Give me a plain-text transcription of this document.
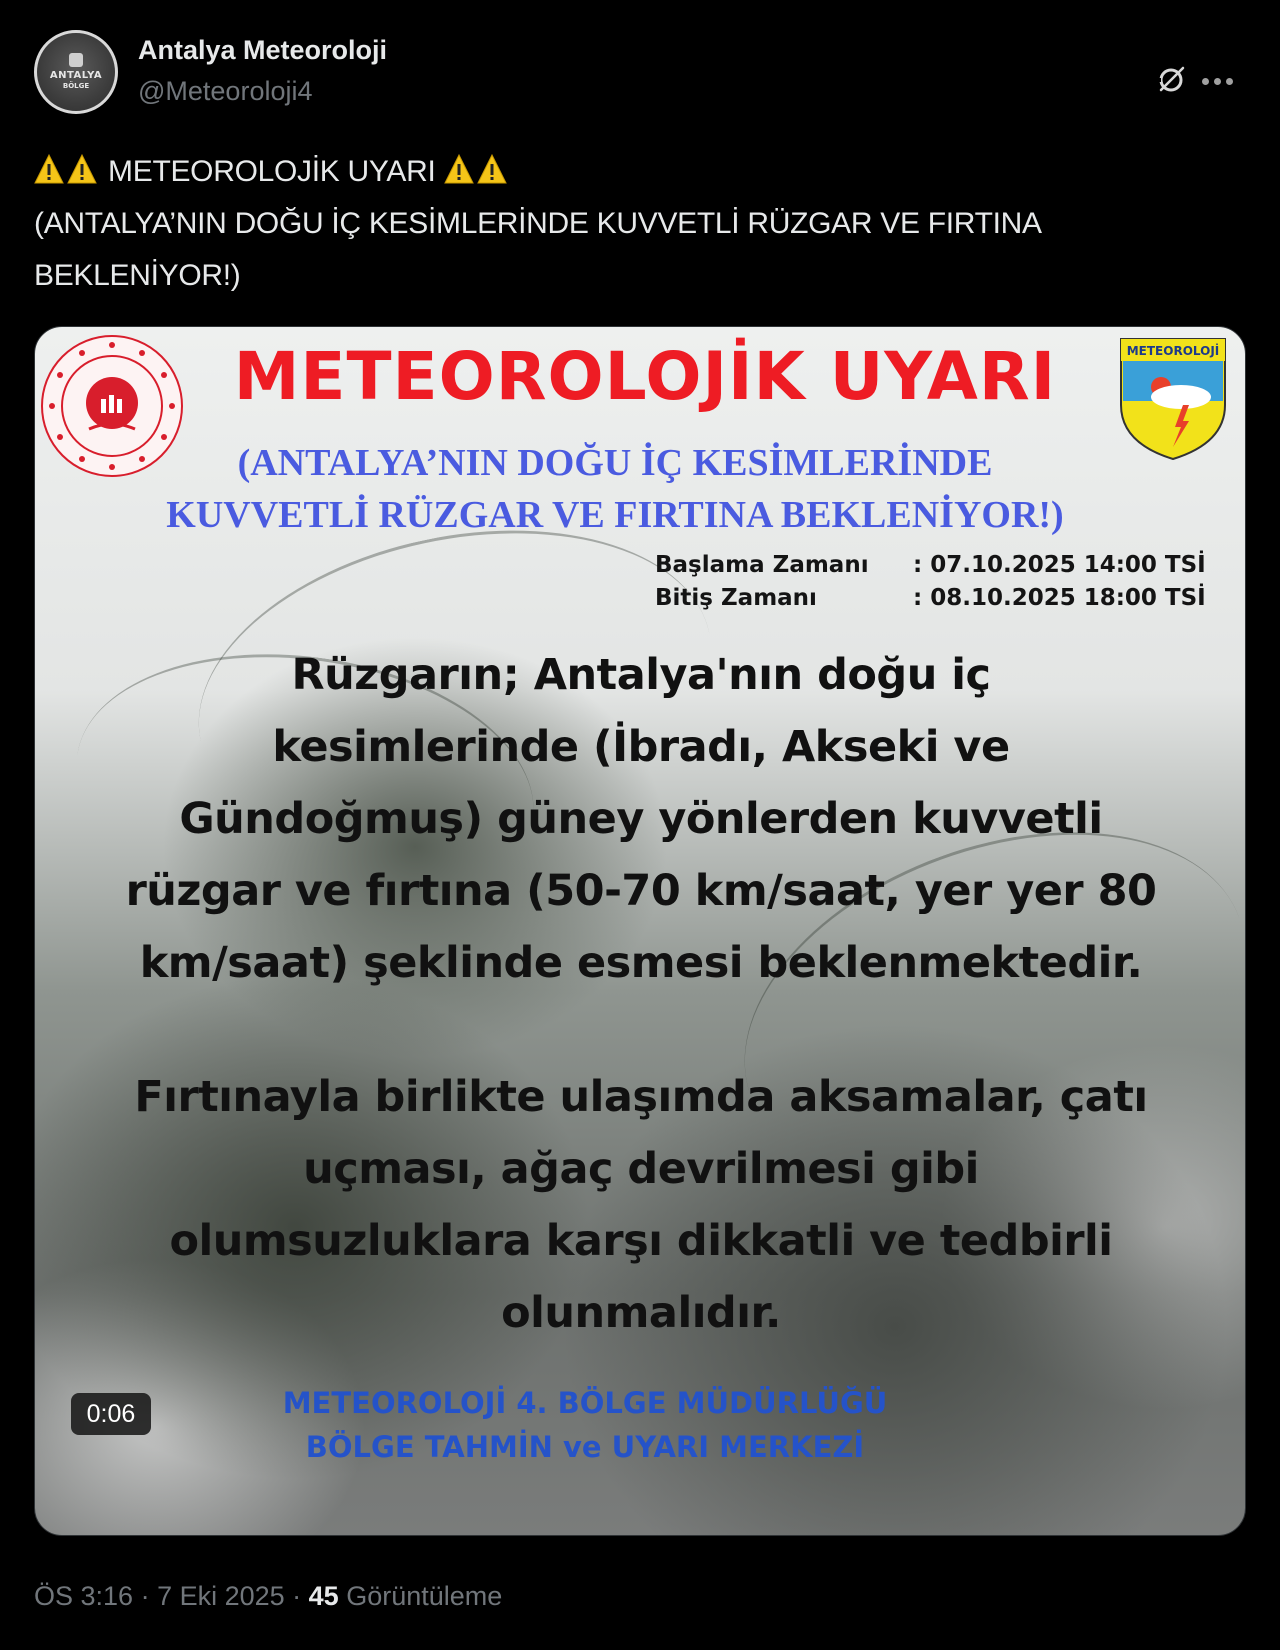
ANTALYA
BÖLGE
Antalya Meteoroloji
@Meteoroloji4
METEOROLOJİK UYARI
(ANTALYA’NIN DOĞU İÇ KESİMLERİNDE KUVVETLİ RÜZGAR VE FIRTINA BEKLENİYOR!)
METEOROLOJİK UYARI	METEOROLOJİ
(ANTALYA’NIN DOĞU İÇ KESİMLERİNDE
KUVVETLİ RÜZGAR VE FIRTINA BEKLENİYOR!)
Başlama Zamanı	: 07.10.2025 14:00 TSİ
Bitiş Zamanı	: 08.10.2025 18:00 TSİ
Rüzgarın; Antalya'nın doğu iç
kesimlerinde (İbradı, Akseki ve
Gündoğmuş) güney yönlerden kuvvetli
rüzgar ve fırtına (50-70 km/saat, yer yer 80
km/saat) şeklinde esmesi beklenmektedir.
Fırtınayla birlikte ulaşımda aksamalar, çatı
uçması, ağaç devrilmesi gibi
olumsuzluklara karşı dikkatli ve tedbirli
olunmalıdır.
METEOROLOJİ 4. BÖLGE MÜDÜRLÜĞÜ
BÖLGE TAHMİN ve UYARI MERKEZİ
0:06
ÖS 3:16 · 7 Eki 2025 · 45 Görüntüleme
